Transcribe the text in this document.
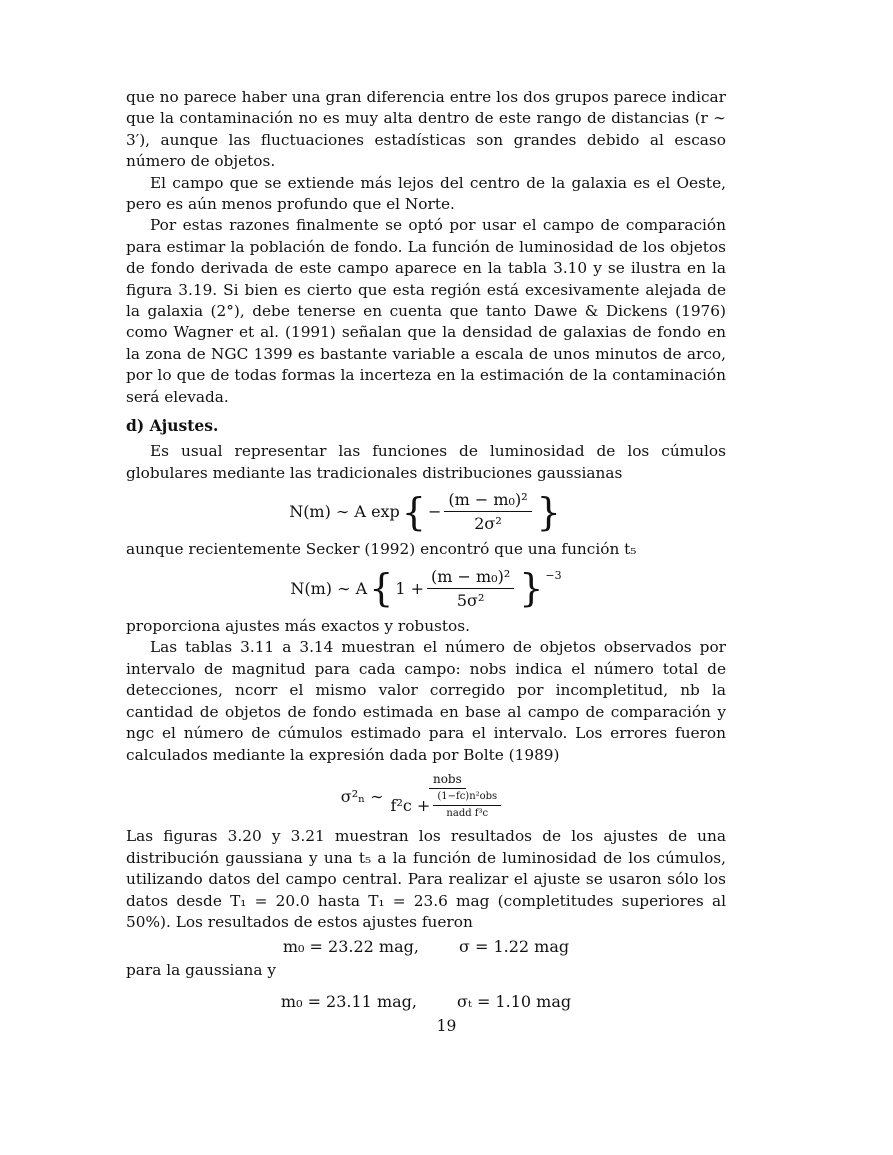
que no parece haber una gran diferencia entre los dos grupos parece indicar que la contaminación no es muy alta dentro de este rango de distancias (r ∼ 3′), aunque las fluctuaciones estadísticas son grandes debido al escaso número de objetos.

El campo que se extiende más lejos del centro de la galaxia es el Oeste, pero es aún menos profundo que el Norte.

Por estas razones finalmente se optó por usar el campo de comparación para estimar la población de fondo. La función de luminosidad de los objetos de fondo derivada de este campo aparece en la tabla 3.10 y se ilustra en la figura 3.19. Si bien es cierto que esta región está excesivamente alejada de la galaxia (2°), debe tenerse en cuenta que tanto Dawe & Dickens (1976) como Wagner et al. (1991) señalan que la densidad de galaxias de fondo en la zona de NGC 1399 es bastante variable a escala de unos minutos de arco, por lo que de todas formas la incerteza en la estimación de la contaminación será elevada.

d) Ajustes.

Es usual representar las funciones de luminosidad de los cúmulos globulares mediante las tradicionales distribuciones gaussianas

N(m) ∼ A exp { − $\frac{\text{(m − m₀)²}}{\text{2σ²}}$ }

aunque recientemente Secker (1992) encontró que una función t₅

N(m) ∼ A { $1 + \frac{\text{(m − m₀)²}}{\text{5σ²}}$ } −3

proporciona ajustes más exactos y robustos.

Las tablas 3.11 a 3.14 muestran el número de objetos observados por intervalo de magnitud para cada campo: nobs indica el número total de detecciones, ncorr el mismo valor corregido por incompletitud, nb la cantidad de objetos de fondo estimada en base al campo de comparación y ngc el número de cúmulos estimado para el intervalo. Los errores fueron calculados mediante la expresión dada por Bolte (1989)

σ²ₙ ∼
nobs
$f^2c + \frac{\text{(1−fc)n²obs}}{\text{nadd f³c}}$

Las figuras 3.20 y 3.21 muestran los resultados de los ajustes de una distribución gaussiana y una t₅ a la función de luminosidad de los cúmulos, utilizando datos del campo central. Para realizar el ajuste se usaron sólo los datos desde T₁ = 20.0 hasta T₁ = 23.6 mag (completitudes superiores al 50%). Los resultados de estos ajustes fueron

m₀ = 23.22 mag,	σ = 1.22 mag

para la gaussiana y

m₀ = 23.11 mag,	σₜ = 1.10 mag
19
